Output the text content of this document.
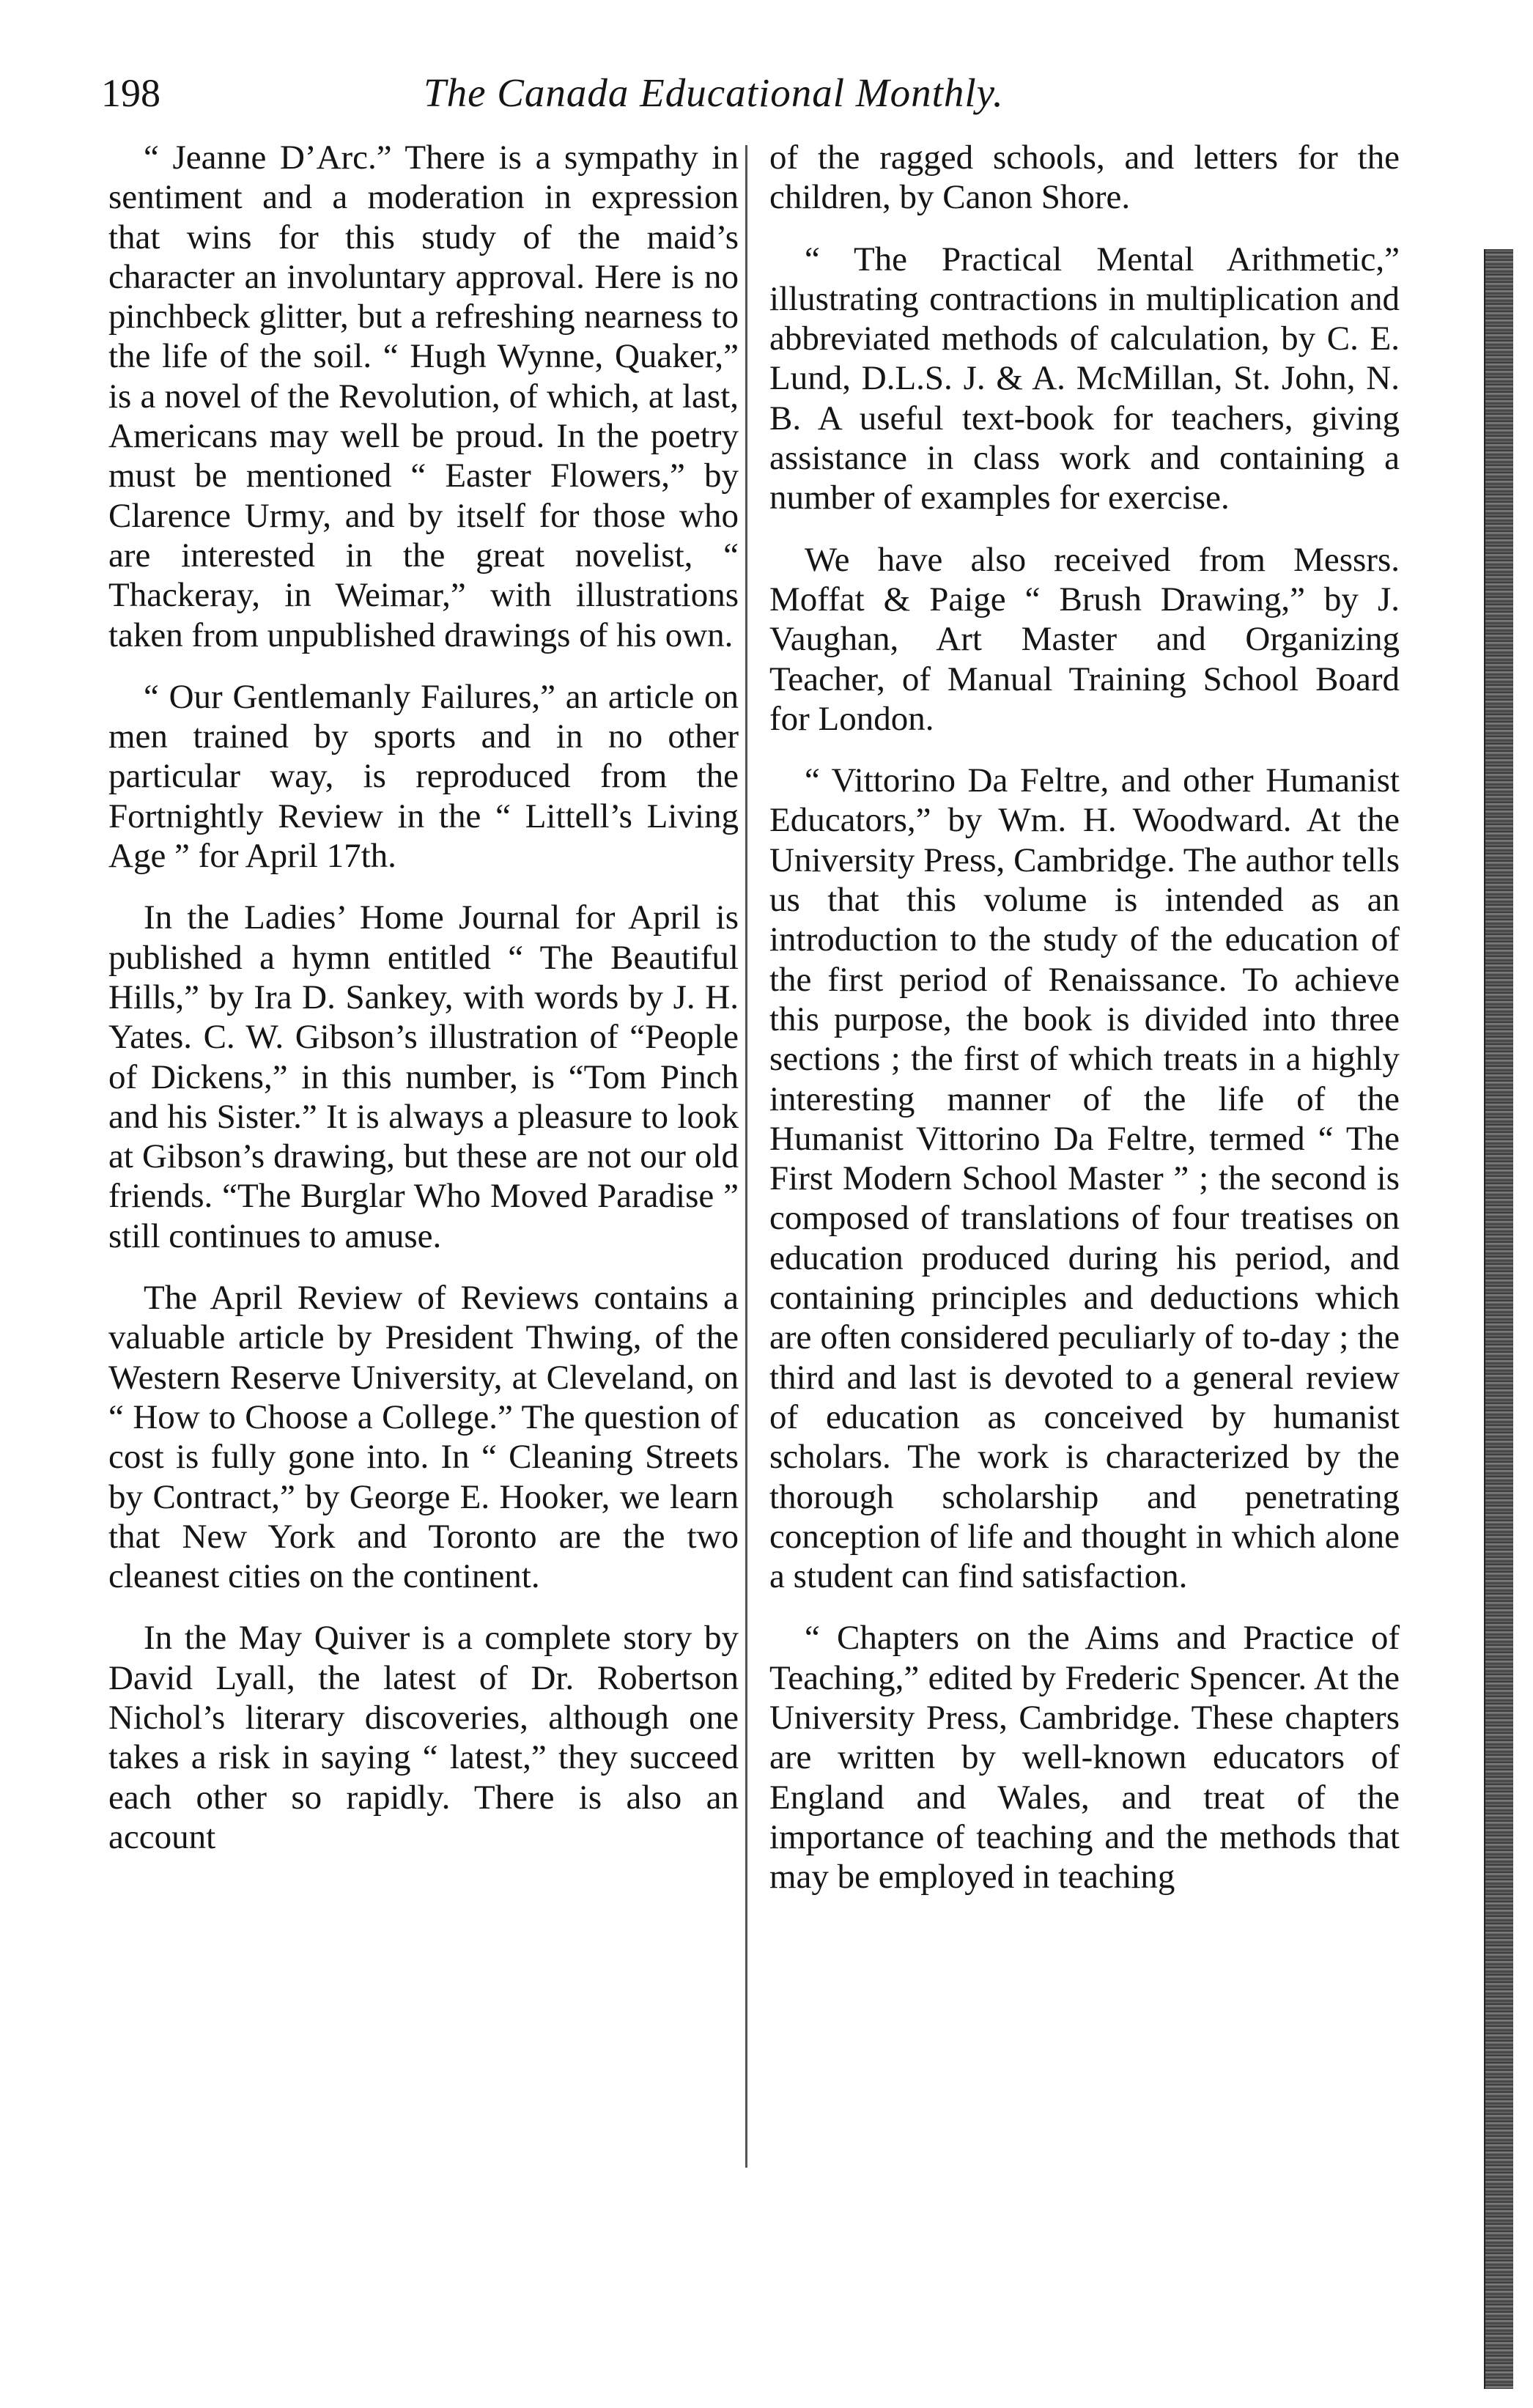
198	The Canada Educational Monthly.

“ Jeanne D’Arc.” There is a sympathy in sentiment and a moderation in expression that wins for this study of the maid’s character an involuntary approval. Here is no pinchbeck glitter, but a refreshing nearness to the life of the soil. “ Hugh Wynne, Quaker,” is a novel of the Revolution, of which, at last, Americans may well be proud. In the poetry must be mentioned “ Easter Flowers,” by Clarence Urmy, and by itself for those who are interested in the great novelist, “ Thackeray, in Weimar,” with illustrations taken from unpublished drawings of his own.

“ Our Gentlemanly Failures,” an article on men trained by sports and in no other particular way, is reproduced from the Fortnightly Review in the “ Littell’s Living Age ” for April 17th.

In the Ladies’ Home Journal for April is published a hymn entitled “ The Beautiful Hills,” by Ira D. Sankey, with words by J. H. Yates. C. W. Gibson’s illustration of “People of Dickens,” in this number, is “Tom Pinch and his Sister.” It is always a pleasure to look at Gibson’s drawing, but these are not our old friends. “The Burglar Who Moved Paradise ” still continues to amuse.

The April Review of Reviews contains a valuable article by President Thwing, of the Western Reserve University, at Cleveland, on “ How to Choose a College.” The question of cost is fully gone into. In “ Cleaning Streets by Contract,” by George E. Hooker, we learn that New York and Toronto are the two cleanest cities on the continent.

In the May Quiver is a complete story by David Lyall, the latest of Dr. Robertson Nichol’s literary discoveries, although one takes a risk in saying “ latest,” they succeed each other so rapidly. There is also an account

of the ragged schools, and letters for the children, by Canon Shore.

“ The Practical Mental Arithmetic,” illustrating contractions in multiplication and abbreviated methods of calculation, by C. E. Lund, D.L.S. J. & A. McMillan, St. John, N. B. A useful text-book for teachers, giving assistance in class work and containing a number of examples for exercise.

We have also received from Messrs. Moffat & Paige “ Brush Drawing,” by J. Vaughan, Art Master and Organizing Teacher, of Manual Training School Board for London.

“ Vittorino Da Feltre, and other Humanist Educators,” by Wm. H. Woodward. At the University Press, Cambridge. The author tells us that this volume is intended as an introduction to the study of the education of the first period of Renaissance. To achieve this purpose, the book is divided into three sections ; the first of which treats in a highly interesting manner of the life of the Humanist Vittorino Da Feltre, termed “ The First Modern School Master ” ; the second is composed of translations of four treatises on education produced during his period, and containing principles and deductions which are often considered peculiarly of to-day ; the third and last is devoted to a general review of education as conceived by humanist scholars. The work is characterized by the thorough scholarship and penetrating conception of life and thought in which alone a student can find satisfaction.

“ Chapters on the Aims and Practice of Teaching,” edited by Frederic Spencer. At the University Press, Cambridge. These chapters are written by well-known educators of England and Wales, and treat of the importance of teaching and the methods that may be employed in teaching
